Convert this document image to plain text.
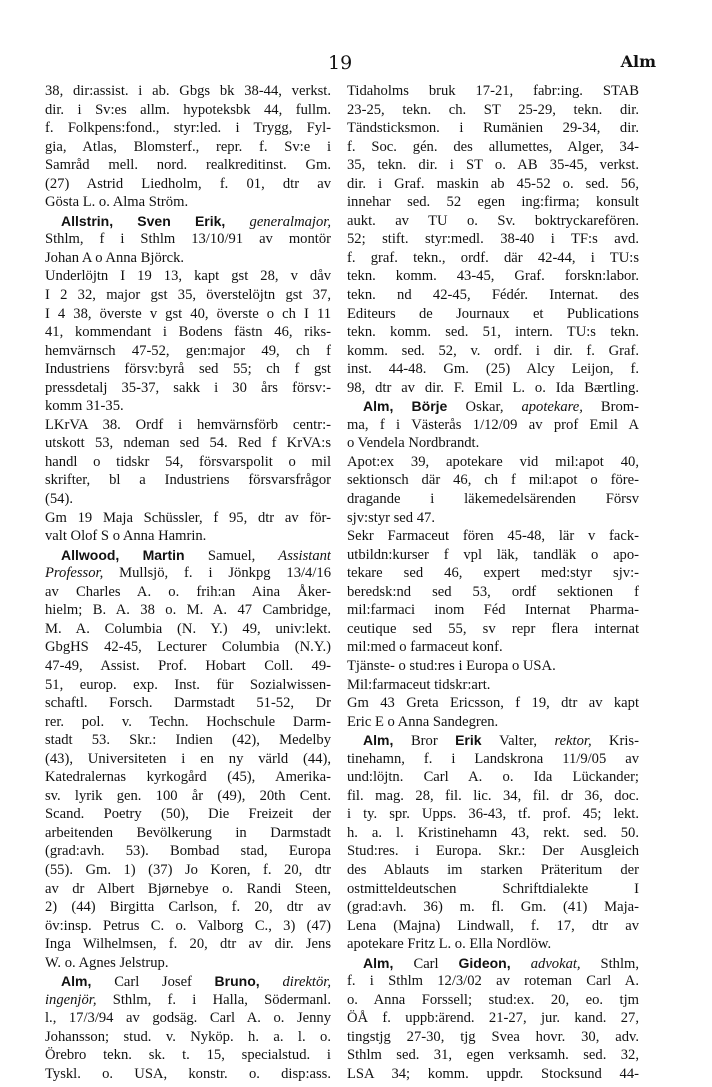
19	Alm
38, dir:assist. i ab. Gbgs bk 38-44, verkst.
dir. i Sv:es allm. hypoteksbk 44, fullm.
f. Folkpens:fond., styr:led. i Trygg, Fyl-
gia, Atlas, Blomsterf., repr. f. Sv:e i
Samråd mell. nord. realkreditinst. Gm.
(27) Astrid Liedholm, f. 01, dtr av
Gösta L. o. Alma Ström.
Allstrin, Sven Erik, generalmajor,
Sthlm, f i Sthlm 13/10/91 av montör
Johan A o Anna Björck.
Underlöjtn I 19 13, kapt gst 28, v dåv
I 2 32, major gst 35, överstelöjtn gst 37,
I 4 38, överste v gst 40, överste o ch I 11
41, kommendant i Bodens fästn 46, riks-
hemvärnsch 47-52, gen:major 49, ch f
Industriens försv:byrå sed 55; ch f gst
pressdetalj 35-37, sakk i 30 års försv:-
komm 31-35.
LKrVA 38. Ordf i hemvärnsförb centr:-
utskott 53, ndeman sed 54. Red f KrVA:s
handl o tidskr 54, försvarspolit o mil
skrifter, bl a Industriens försvarsfrågor
(54).
Gm 19 Maja Schüssler, f 95, dtr av för-
valt Olof S o Anna Hamrin.
Allwood, Martin Samuel, Assistant
Professor, Mullsjö, f. i Jönkpg 13/4/16
av Charles A. o. frih:an Aina Åker-
hielm; B. A. 38 o. M. A. 47 Cambridge,
M. A. Columbia (N. Y.) 49, univ:lekt.
GbgHS 42-45, Lecturer Columbia (N.Y.)
47-49, Assist. Prof. Hobart Coll. 49-
51, europ. exp. Inst. für Sozialwissen-
schaftl. Forsch. Darmstadt 51-52, Dr
rer. pol. v. Techn. Hochschule Darm-
stadt 53. Skr.: Indien (42), Medelby
(43), Universiteten i en ny värld (44),
Katedralernas kyrkogård (45), Amerika-
sv. lyrik gen. 100 år (49), 20th Cent.
Scand. Poetry (50), Die Freizeit der
arbeitenden Bevölkerung in Darmstadt
(grad:avh. 53). Bombad stad, Europa
(55). Gm. 1) (37) Jo Koren, f. 20, dtr
av dr Albert Bjørnebye o. Randi Steen,
2) (44) Birgitta Carlson, f. 20, dtr av
öv:insp. Petrus C. o. Valborg C., 3) (47)
Inga Wilhelmsen, f. 20, dtr av dir. Jens
W. o. Agnes Jelstrup.
Alm, Carl Josef Bruno, direktör,
ingenjör, Sthlm, f. i Halla, Södermanl.
l., 17/3/94 av godsäg. Carl A. o. Jenny
Johansson; stud. v. Nyköp. h. a. l. o.
Örebro tekn. sk. t. 15, specialstud. i
Tyskl. o. USA, konstr. o. disp:ass.
Tidaholms bruk 17-21, fabr:ing. STAB
23-25, tekn. ch. ST 25-29, tekn. dir.
Tändsticksmon. i Rumänien 29-34, dir.
f. Soc. gén. des allumettes, Alger, 34-
35, tekn. dir. i ST o. AB 35-45, verkst.
dir. i Graf. maskin ab 45-52 o. sed. 56,
innehar sed. 52 egen ing:firma; konsult
aukt. av TU o. Sv. boktryckarefören.
52; stift. styr:medl. 38-40 i TF:s avd.
f. graf. tekn., ordf. där 42-44, i TU:s
tekn. komm. 43-45, Graf. forskn:labor.
tekn. nd 42-45, Fédér. Internat. des
Editeurs de Journaux et Publications
tekn. komm. sed. 51, intern. TU:s tekn.
komm. sed. 52, v. ordf. i dir. f. Graf.
inst. 44-48. Gm. (25) Alcy Leijon, f.
98, dtr av dir. F. Emil L. o. Ida Bærtling.
Alm, Börje Oskar, apotekare, Brom-
ma, f i Västerås 1/12/09 av prof Emil A
o Vendela Nordbrandt.
Apot:ex 39, apotekare vid mil:apot 40,
sektionsch där 46, ch f mil:apot o före-
dragande i läkemedelsärenden Försv
sjv:styr sed 47.
Sekr Farmaceut fören 45-48, lär v fack-
utbildn:kurser f vpl läk, tandläk o apo-
tekare sed 46, expert med:styr sjv:-
beredsk:nd sed 53, ordf sektionen f
mil:farmaci inom Féd Internat Pharma-
ceutique sed 55, sv repr flera internat
mil:med o farmaceut konf.
Tjänste- o stud:res i Europa o USA.
Mil:farmaceut tidskr:art.
Gm 43 Greta Ericsson, f 19, dtr av kapt
Eric E o Anna Sandegren.
Alm, Bror Erik Valter, rektor, Kris-
tinehamn, f. i Landskrona 11/9/05 av
und:löjtn. Carl A. o. Ida Lückander;
fil. mag. 28, fil. lic. 34, fil. dr 36, doc.
i ty. spr. Upps. 36-43, tf. prof. 45; lekt.
h. a. l. Kristinehamn 43, rekt. sed. 50.
Stud:res. i Europa. Skr.: Der Ausgleich
des Ablauts im starken Präteritum der
ostmitteldeutschen Schriftdialekte I
(grad:avh. 36) m. fl. Gm. (41) Maja-
Lena (Majna) Lindwall, f. 17, dtr av
apotekare Fritz L. o. Ella Nordlöw.
Alm, Carl Gideon, advokat, Sthlm,
f. i Sthlm 12/3/02 av roteman Carl A.
o. Anna Forssell; stud:ex. 20, eo. tjm
ÖÅ f. uppb:ärend. 21-27, jur. kand. 27,
tingstjg 27-30, tjg Svea hovr. 30, adv.
Sthlm sed. 31, egen verksamh. sed. 32,
LSA 34; komm. uppdr. Stocksund 44-
